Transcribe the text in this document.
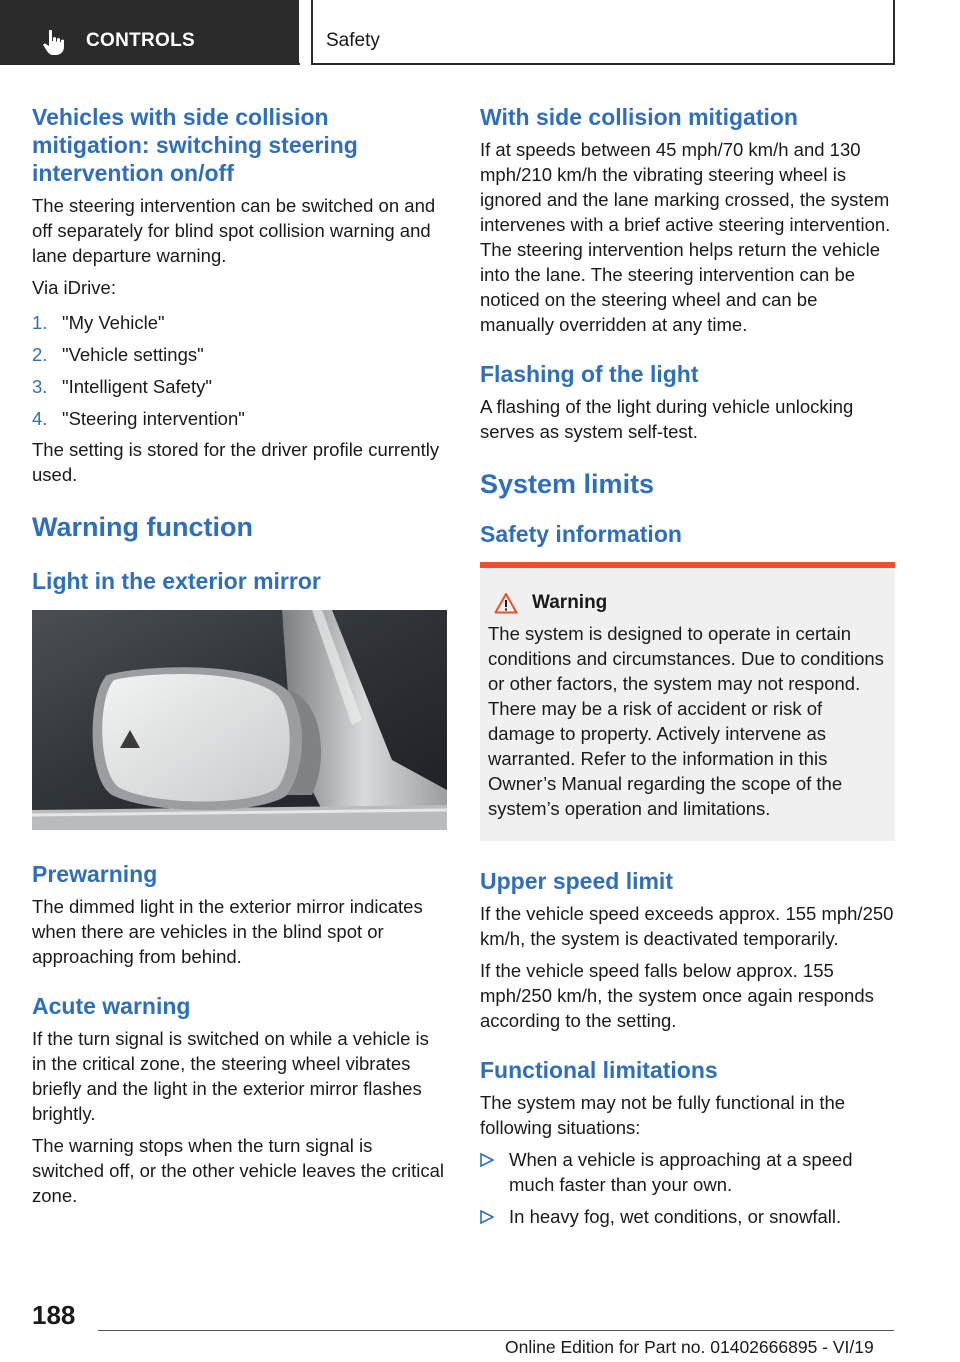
CONTROLS	Safety
Vehicles with side collision mitigation: switching steering intervention on/off
The steering intervention can be switched on and off separately for blind spot collision warning and lane departure warning.
Via iDrive:
1. "My Vehicle"
2. "Vehicle settings"
3. "Intelligent Safety"
4. "Steering intervention"
The setting is stored for the driver profile currently used.
Warning function
Light in the exterior mirror
Prewarning
The dimmed light in the exterior mirror indicates when there are vehicles in the blind spot or approaching from behind.
Acute warning
If the turn signal is switched on while a vehicle is in the critical zone, the steering wheel vibrates briefly and the light in the exterior mirror flashes brightly.
The warning stops when the turn signal is switched off, or the other vehicle leaves the critical zone.
With side collision mitigation
If at speeds between 45 mph/70 km/h and 130 mph/210 km/h the vibrating steering wheel is ignored and the lane marking crossed, the system intervenes with a brief active steering intervention. The steering intervention helps return the vehicle into the lane. The steering intervention can be noticed on the steering wheel and can be manually overridden at any time.
Flashing of the light
A flashing of the light during vehicle unlocking serves as system self-test.
System limits
Safety information
Warning
The system is designed to operate in certain conditions and circumstances. Due to conditions or other factors, the system may not respond. There may be a risk of accident or risk of damage to property. Actively intervene as warranted. Refer to the information in this Owner’s Manual regarding the scope of the system’s operation and limitations.
Upper speed limit
If the vehicle speed exceeds approx. 155 mph/250 km/h, the system is deactivated temporarily.
If the vehicle speed falls below approx. 155 mph/250 km/h, the system once again responds according to the setting.
Functional limitations
The system may not be fully functional in the following situations:
When a vehicle is approaching at a speed much faster than your own.
In heavy fog, wet conditions, or snowfall.
188
Online Edition for Part no. 01402666895 - VI/19
